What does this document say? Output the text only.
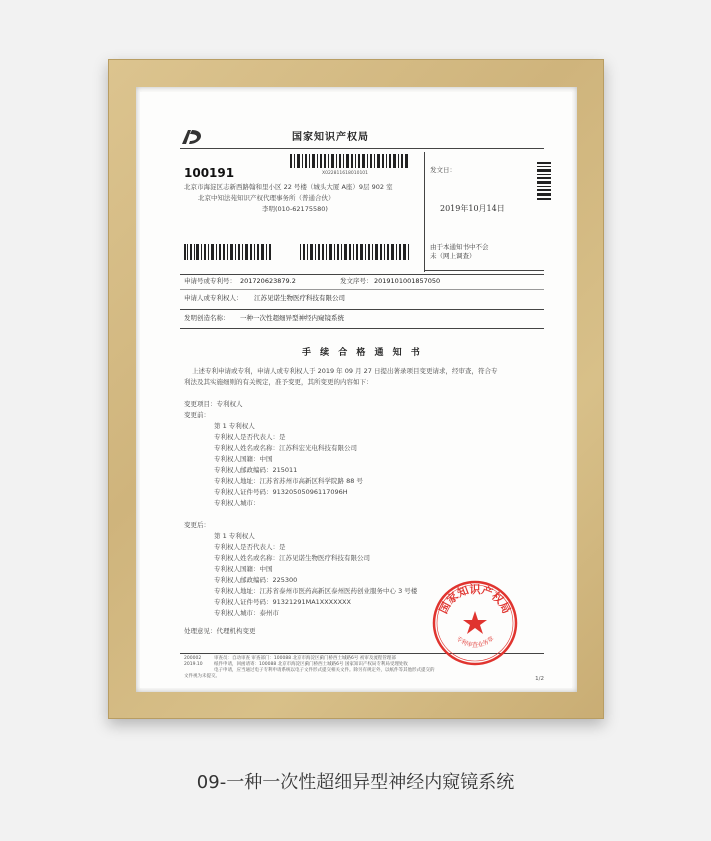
国家知识产权局
100191	X022811618010101
北京市海淀区志新西路翰和里小区 22 号楼（城头大厦 A座）9层 902 室
北京中知法苑知识产权代理事务所（普通合伙）
李明(010-62175580)
发文日：
2019年10月14日
由于本通知书中不会
未（网上调查）
申请号或专利号： 201720623879.2	发文序号： 2019101001857050
申请人或专利权人： 江苏见诺生物医疗科技有限公司
发明创造名称： 一种一次性超细异型神经内窥镜系统
手 续 合 格 通 知 书
上述专利申请或专利，申请人或专利权人于 2019 年 09 月 27 日提出著录项目变更请求，经审查，符合专
利法及其实施细则的有关规定，准予变更，其所变更的内容如下：
变更项目：专利权人
变更前：
第 1 专利权人
专利权人是否代表人：是
专利权人姓名或名称：江苏科宏光电科技有限公司
专利权人国籍：中国
专利权人邮政编码：215011
专利权人地址：江苏省苏州市高新区科学院路 88 号
专利权人证件号码：91320505096117096H
专利权人城市：
变更后：
第 1 专利权人
专利权人是否代表人：是
专利权人姓名或名称：江苏见诺生物医疗科技有限公司
专利权人国籍：中国
专利权人邮政编码：225300
专利权人地址：江苏省泰州市医药高新区泰州医药创业服务中心 3 号楼
专利权人证件号码：91321291MA1XXXXXXX
专利权人城市：泰州市
处理意见：代理机构变更
200002
2019.10
审查员：自动审查 审查部门：100088 北京市海淀区蓟门桥西土城路6号 初审及流程管理部
纸件申请，回函请寄：100088 北京市海淀区蓟门桥西土城路6号 国家知识产权局专利局受理处收
电子申请，应当通过电子专利申请系统以电子文件形式提交相关文件。除另有规定外，以纸件等其他形式提交的
文件视为未提交。	1/2
国家知识产权局
专利审查业务章
09-一种一次性超细异型神经内窥镜系统
